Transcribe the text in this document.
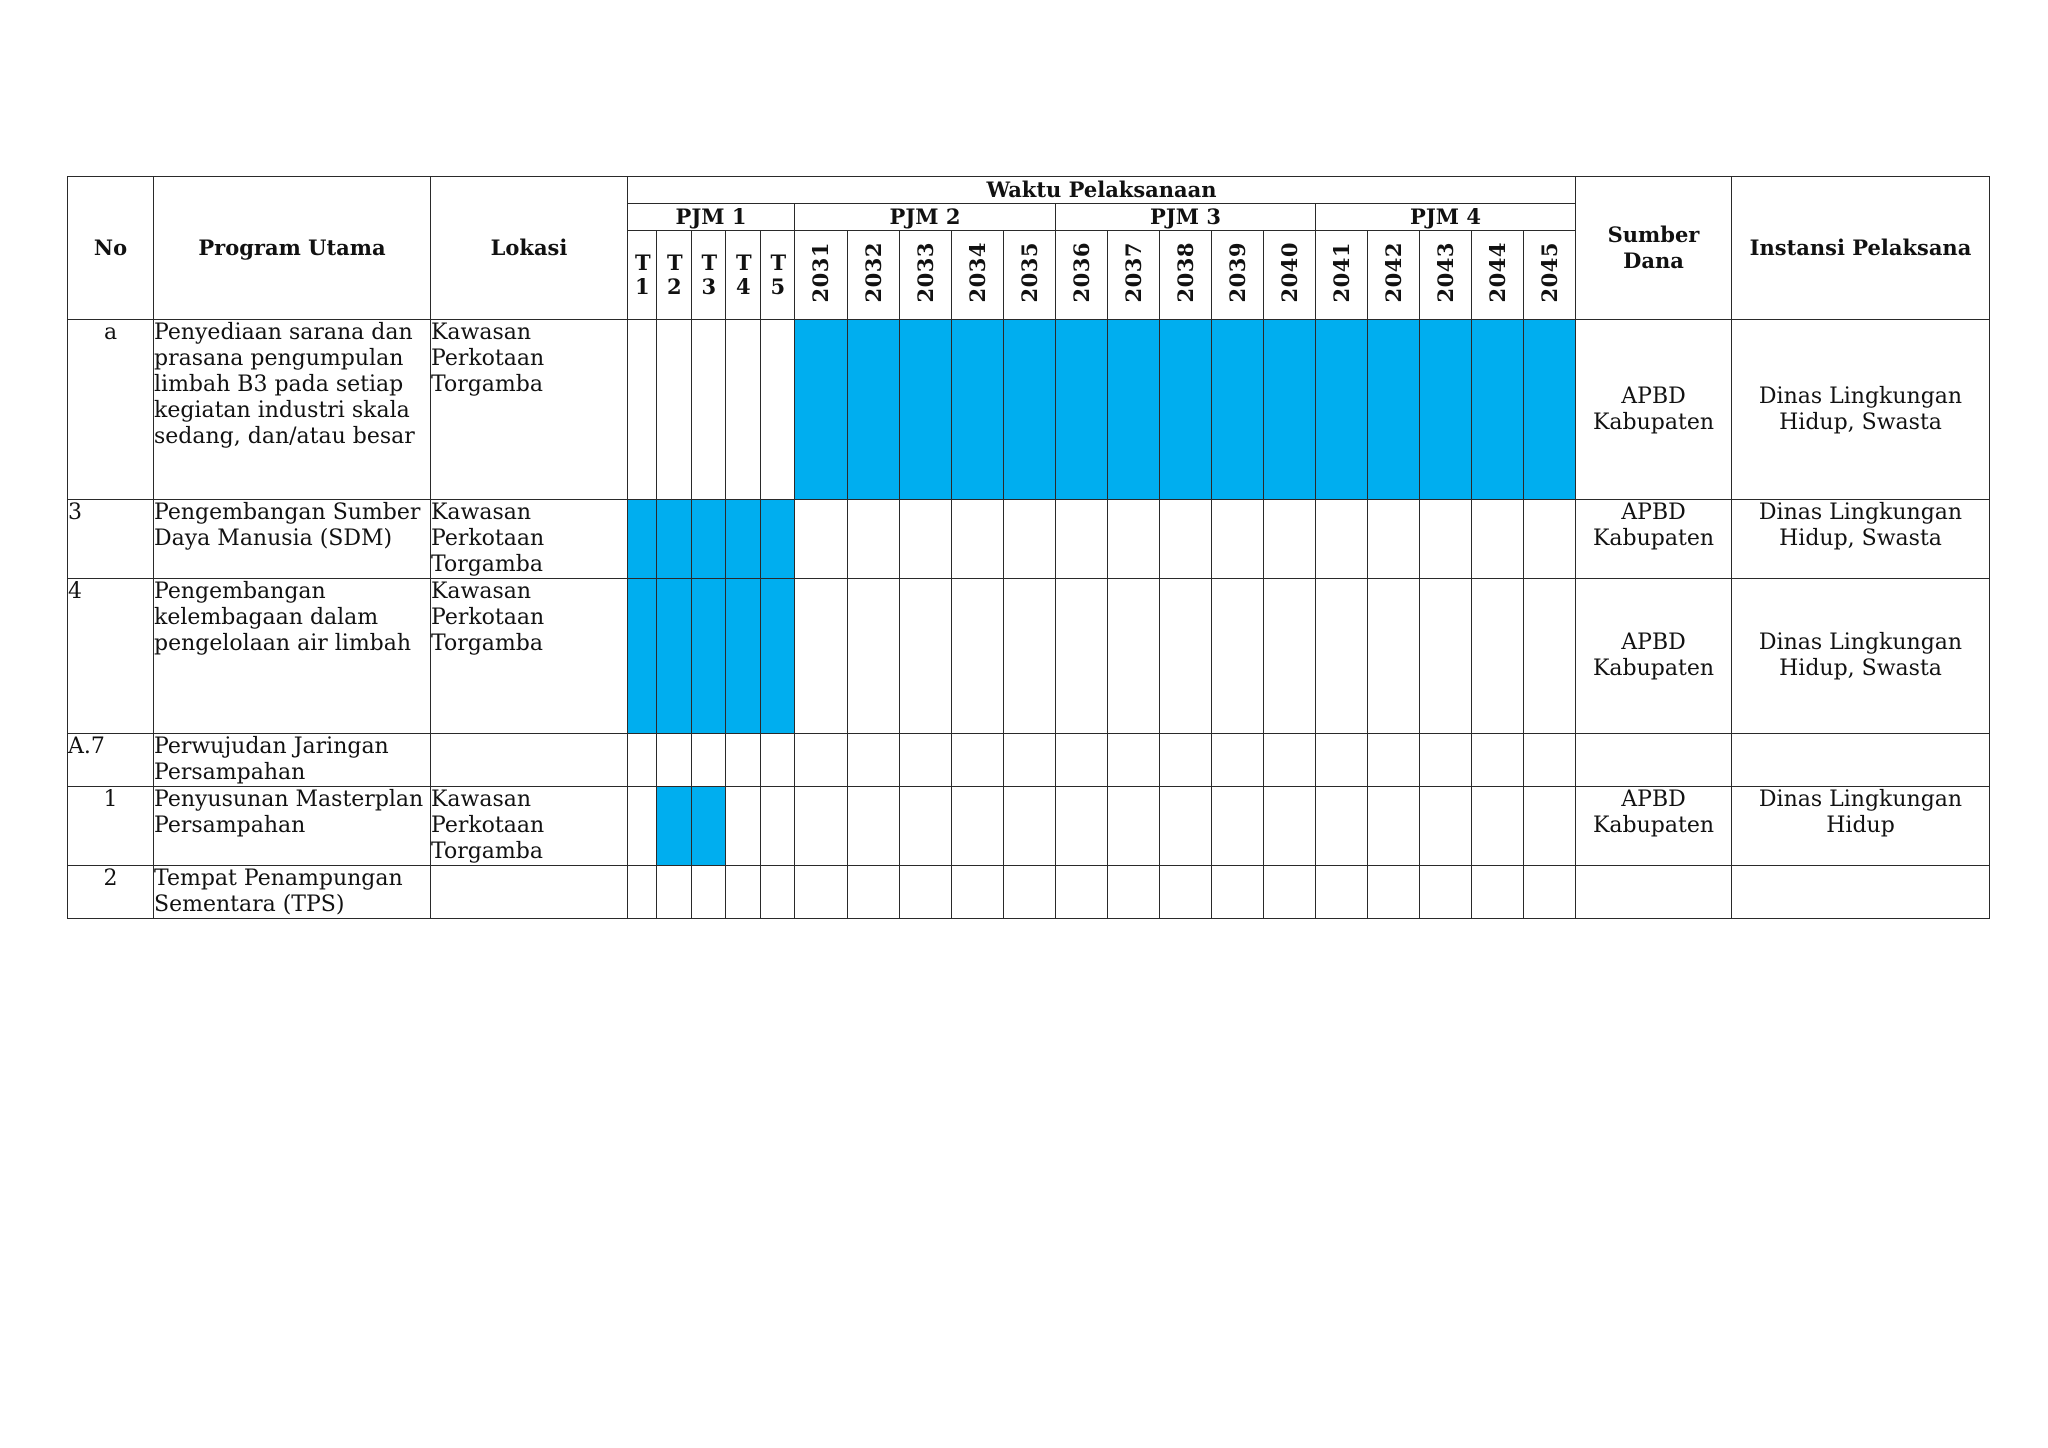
No	Program Utama	Lokasi	Waktu Pelaksanaan																				Sumber Dana	Instansi Pelaksana
			PJM 1					PJM 2					PJM 3					PJM 4						
			T 1	T 2	T 3	T 4	T 5	2031	2032	2033	2034	2035	2036	2037	2038	2039	2040	2041	2042	2043	2044	2045		
a	Penyediaan sarana dan prasana pengumpulan limbah B3 pada setiap kegiatan industri skala sedang, dan/atau besar	Kawasan Perkotaan Torgamba																					APBD Kabupaten	Dinas Lingkungan Hidup, Swasta
3	Pengembangan Sumber Daya Manusia (SDM)	Kawasan Perkotaan Torgamba																					APBD Kabupaten	Dinas Lingkungan Hidup, Swasta
4	Pengembangan kelembagaan dalam pengelolaan air limbah	Kawasan Perkotaan Torgamba																					APBD Kabupaten	Dinas Lingkungan Hidup, Swasta
A.7	Perwujudan Jaringan Persampahan																							
1	Penyusunan Masterplan Persampahan	Kawasan Perkotaan Torgamba																					APBD Kabupaten	Dinas Lingkungan Hidup
2	Tempat Penampungan Sementara (TPS)																							
